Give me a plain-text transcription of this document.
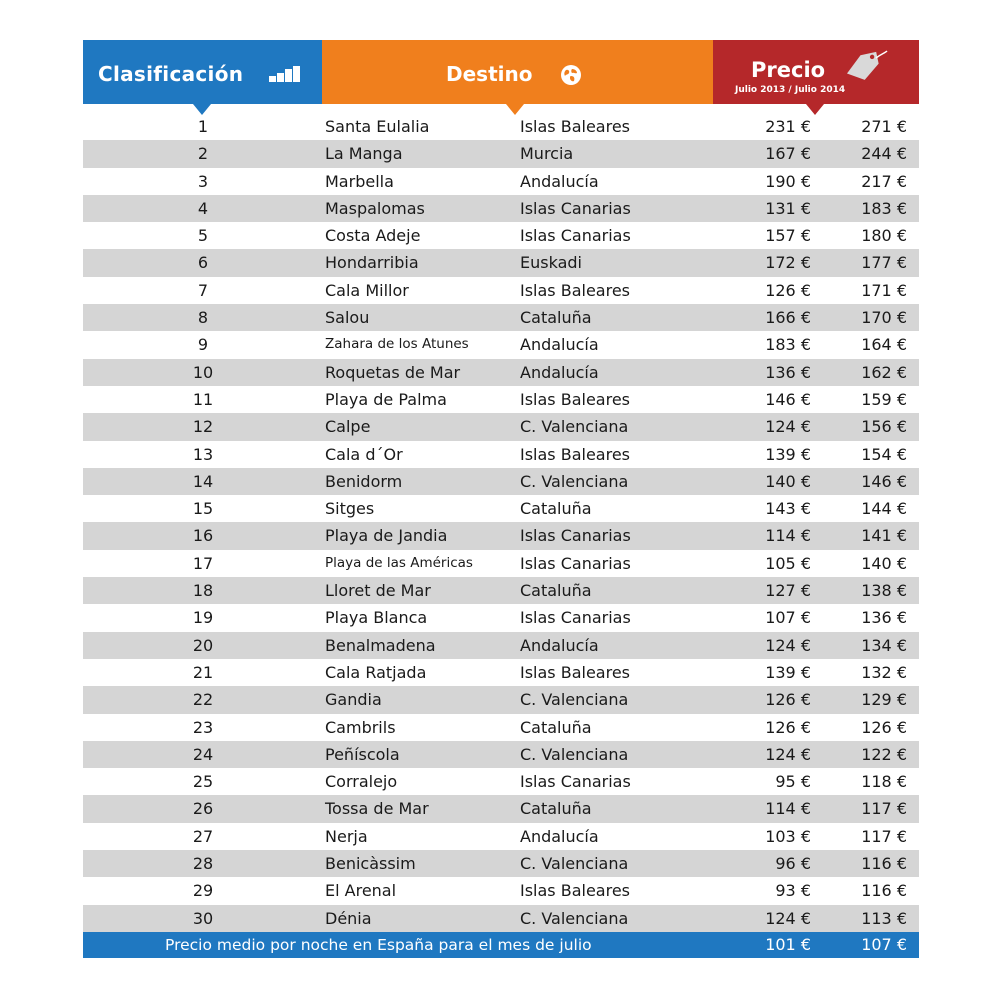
Clasificación	Destino	Precio
Julio 2013 / Julio 2014
1	Santa Eulalia	Islas Baleares	231 €	271 €
2	La Manga	Murcia	167 €	244 €
3	Marbella	Andalucía	190 €	217 €
4	Maspalomas	Islas Canarias	131 €	183 €
5	Costa Adeje	Islas Canarias	157 €	180 €
6	Hondarribia	Euskadi	172 €	177 €
7	Cala Millor	Islas Baleares	126 €	171 €
8	Salou	Cataluña	166 €	170 €
9	Zahara de los Atunes	Andalucía	183 €	164 €
10	Roquetas de Mar	Andalucía	136 €	162 €
11	Playa de Palma	Islas Baleares	146 €	159 €
12	Calpe	C. Valenciana	124 €	156 €
13	Cala d´Or	Islas Baleares	139 €	154 €
14	Benidorm	C. Valenciana	140 €	146 €
15	Sitges	Cataluña	143 €	144 €
16	Playa de Jandia	Islas Canarias	114 €	141 €
17	Playa de las Américas	Islas Canarias	105 €	140 €
18	Lloret de Mar	Cataluña	127 €	138 €
19	Playa Blanca	Islas Canarias	107 €	136 €
20	Benalmadena	Andalucía	124 €	134 €
21	Cala Ratjada	Islas Baleares	139 €	132 €
22	Gandia	C. Valenciana	126 €	129 €
23	Cambrils	Cataluña	126 €	126 €
24	Peñíscola	C. Valenciana	124 €	122 €
25	Corralejo	Islas Canarias	95 €	118 €
26	Tossa de Mar	Cataluña	114 €	117 €
27	Nerja	Andalucía	103 €	117 €
28	Benicàssim	C. Valenciana	96 €	116 €
29	El Arenal	Islas Baleares	93 €	116 €
30	Dénia	C. Valenciana	124 €	113 €
Precio medio por noche en España para el mes de julio	101 €	107 €
